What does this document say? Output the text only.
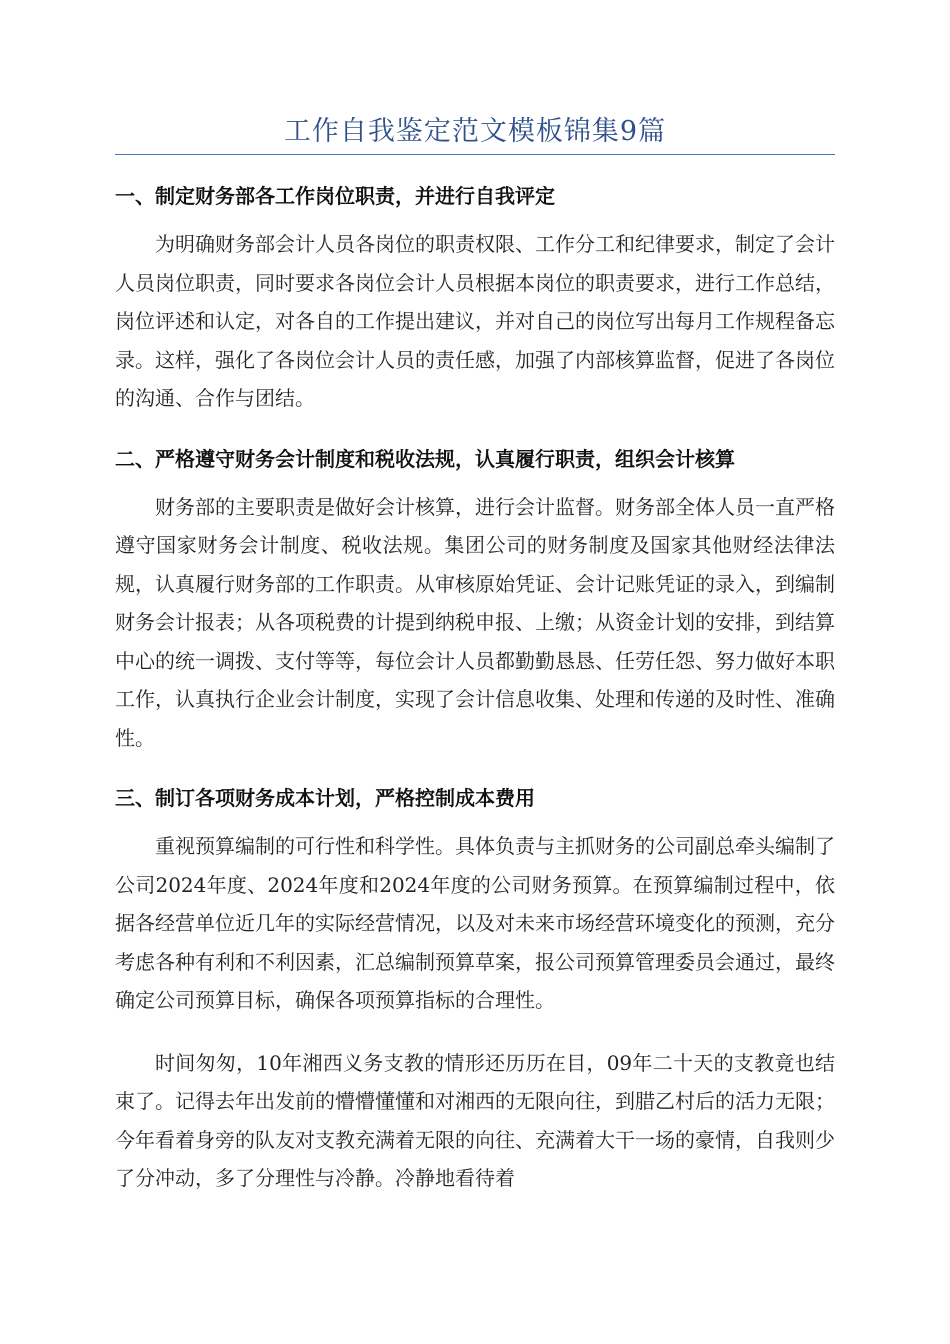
工作自我鉴定范文模板锦集9篇
一、制定财务部各工作岗位职责，并进行自我评定
为明确财务部会计人员各岗位的职责权限、工作分工和纪律要求，制定了会计人员岗位职责，同时要求各岗位会计人员根据本岗位的职责要求，进行工作总结，岗位评述和认定，对各自的工作提出建议，并对自己的岗位写出每月工作规程备忘录。这样，强化了各岗位会计人员的责任感，加强了内部核算监督，促进了各岗位的沟通、合作与团结。
二、严格遵守财务会计制度和税收法规，认真履行职责，组织会计核算
财务部的主要职责是做好会计核算，进行会计监督。财务部全体人员一直严格遵守国家财务会计制度、税收法规。集团公司的财务制度及国家其他财经法律法规，认真履行财务部的工作职责。从审核原始凭证、会计记账凭证的录入，到编制财务会计报表；从各项税费的计提到纳税申报、上缴；从资金计划的安排，到结算中心的统一调拨、支付等等，每位会计人员都勤勤恳恳、任劳任怨、努力做好本职工作，认真执行企业会计制度，实现了会计信息收集、处理和传递的及时性、准确性。
三、制订各项财务成本计划，严格控制成本费用
重视预算编制的可行性和科学性。具体负责与主抓财务的公司副总牵头编制了公司2024年度、2024年度和2024年度的公司财务预算。在预算编制过程中，依据各经营单位近几年的实际经营情况，以及对未来市场经营环境变化的预测，充分考虑各种有利和不利因素，汇总编制预算草案，报公司预算管理委员会通过，最终确定公司预算目标，确保各项预算指标的合理性。
时间匆匆，10年湘西义务支教的情形还历历在目，09年二十天的支教竟也结束了。记得去年出发前的懵懵懂懂和对湘西的无限向往，到腊乙村后的活力无限；今年看着身旁的队友对支教充满着无限的向往、充满着大干一场的豪情，自我则少了分冲动，多了分理性与冷静。冷静地看待着
